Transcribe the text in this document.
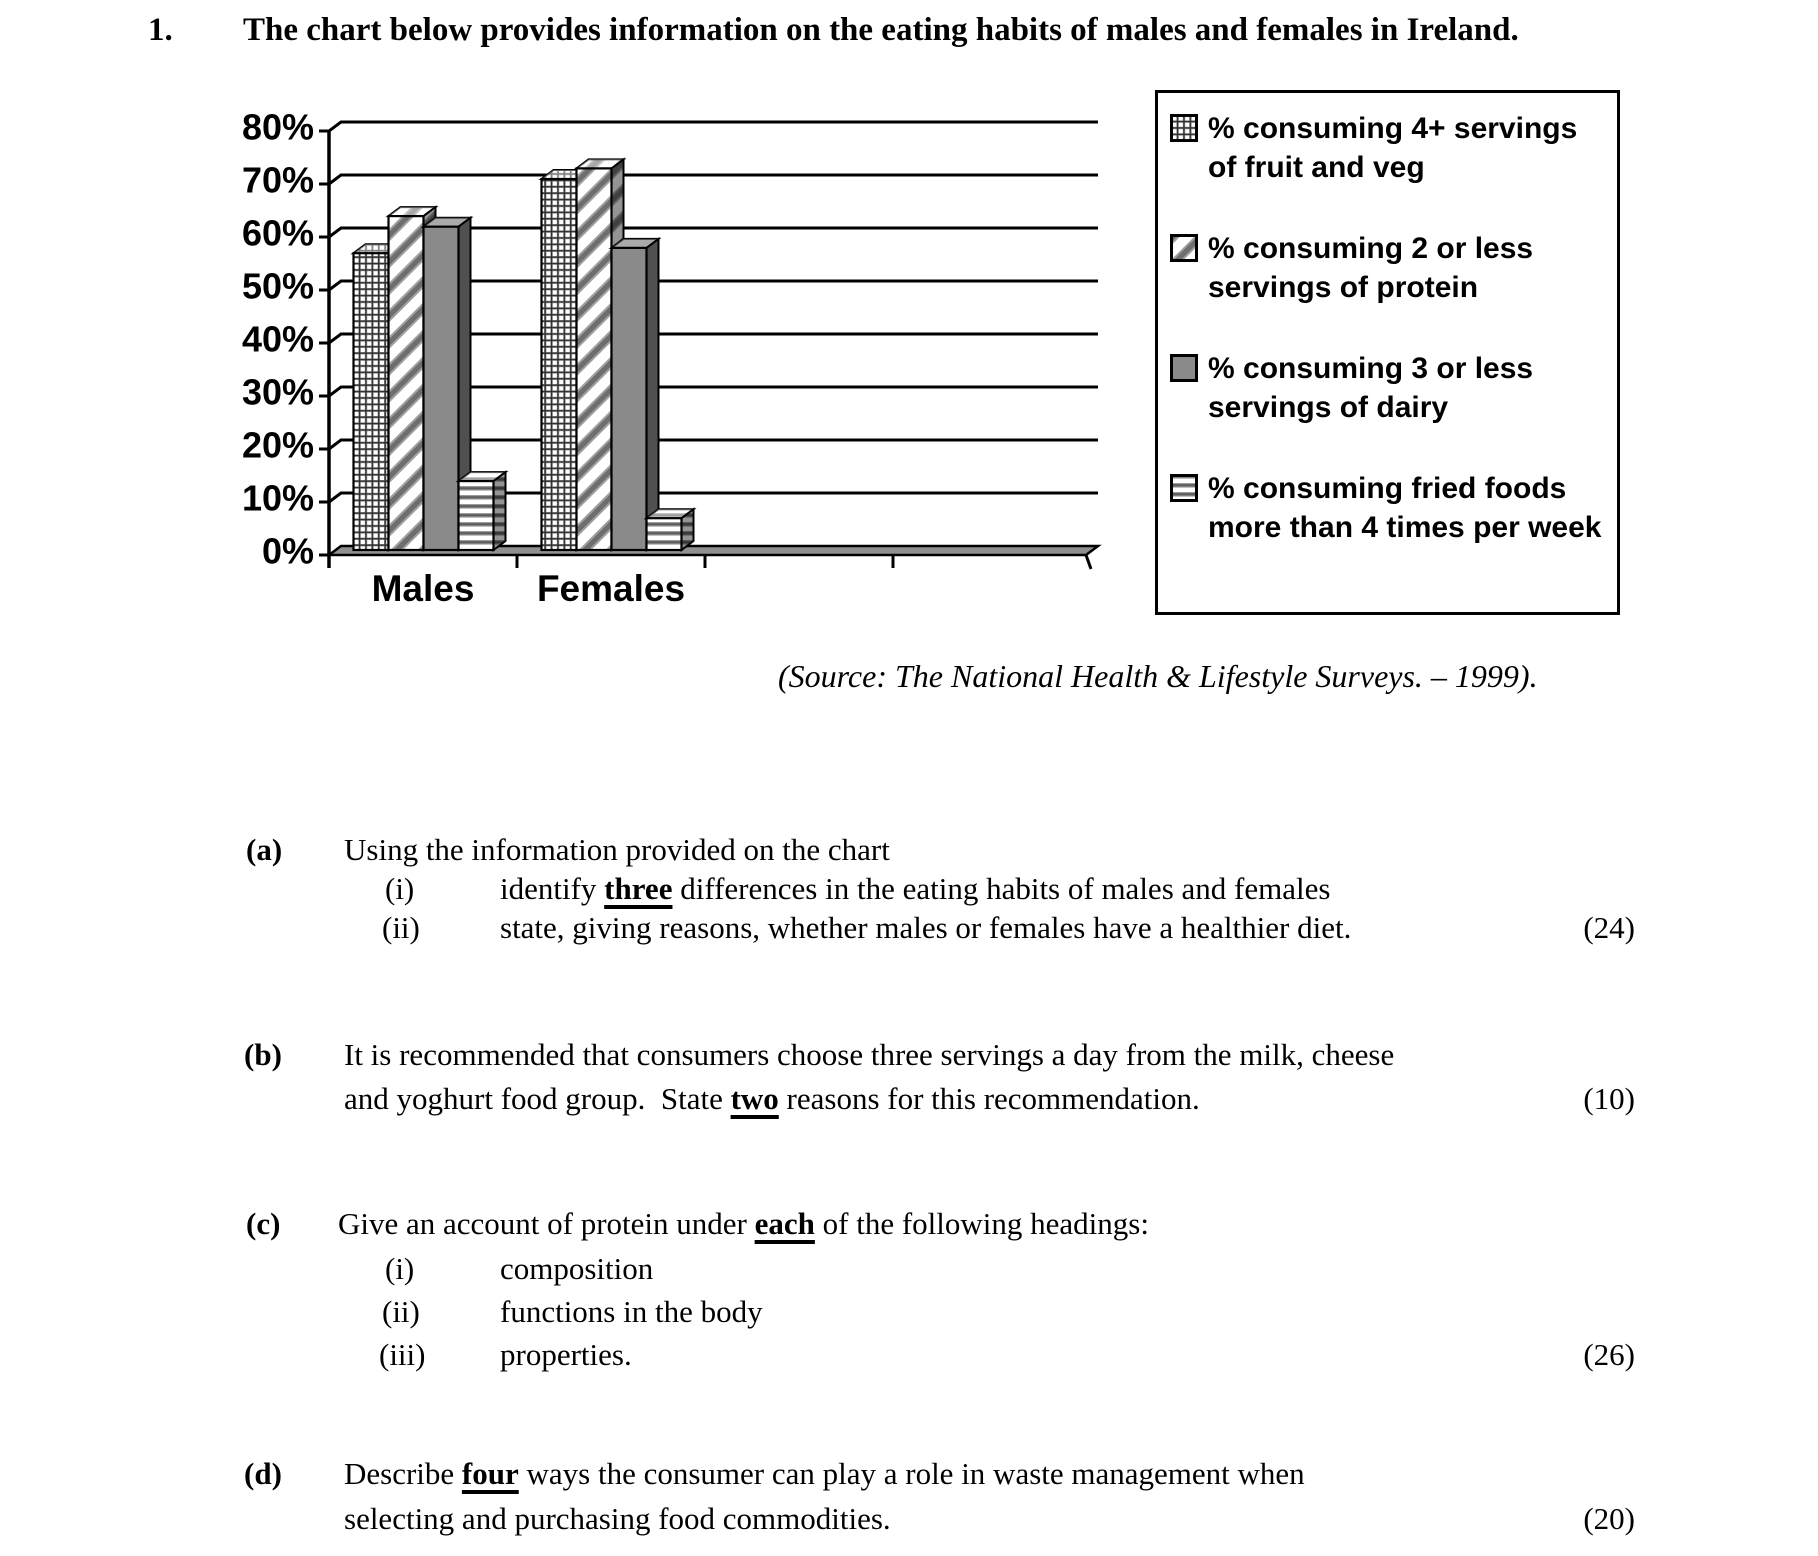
1. The chart below provides information on the eating habits of males and females in Ireland.
0%
10%
20%
30%
40%
50%
60%
70%
80%
Males Females
% consuming 4+ servings of fruit and veg
% consuming 2 or less servings of protein
% consuming 3 or less servings of dairy
% consuming fried foods more than 4 times per week
(Source: The National Health & Lifestyle Surveys. – 1999).
(a) Using the information provided on the chart
(i)	identify three differences in the eating habits of males and females
(ii)	state, giving reasons, whether males or females have a healthier diet.	(24)
(b) It is recommended that consumers choose three servings a day from the milk, cheese
and yoghurt food group.  State two reasons for this recommendation.	(10)
(c) Give an account of protein under each of the following headings:
(i)	composition
(ii)	functions in the body
(iii) properties.	(26)
(d) Describe four ways the consumer can play a role in waste management when
selecting and purchasing food commodities.	(20)
